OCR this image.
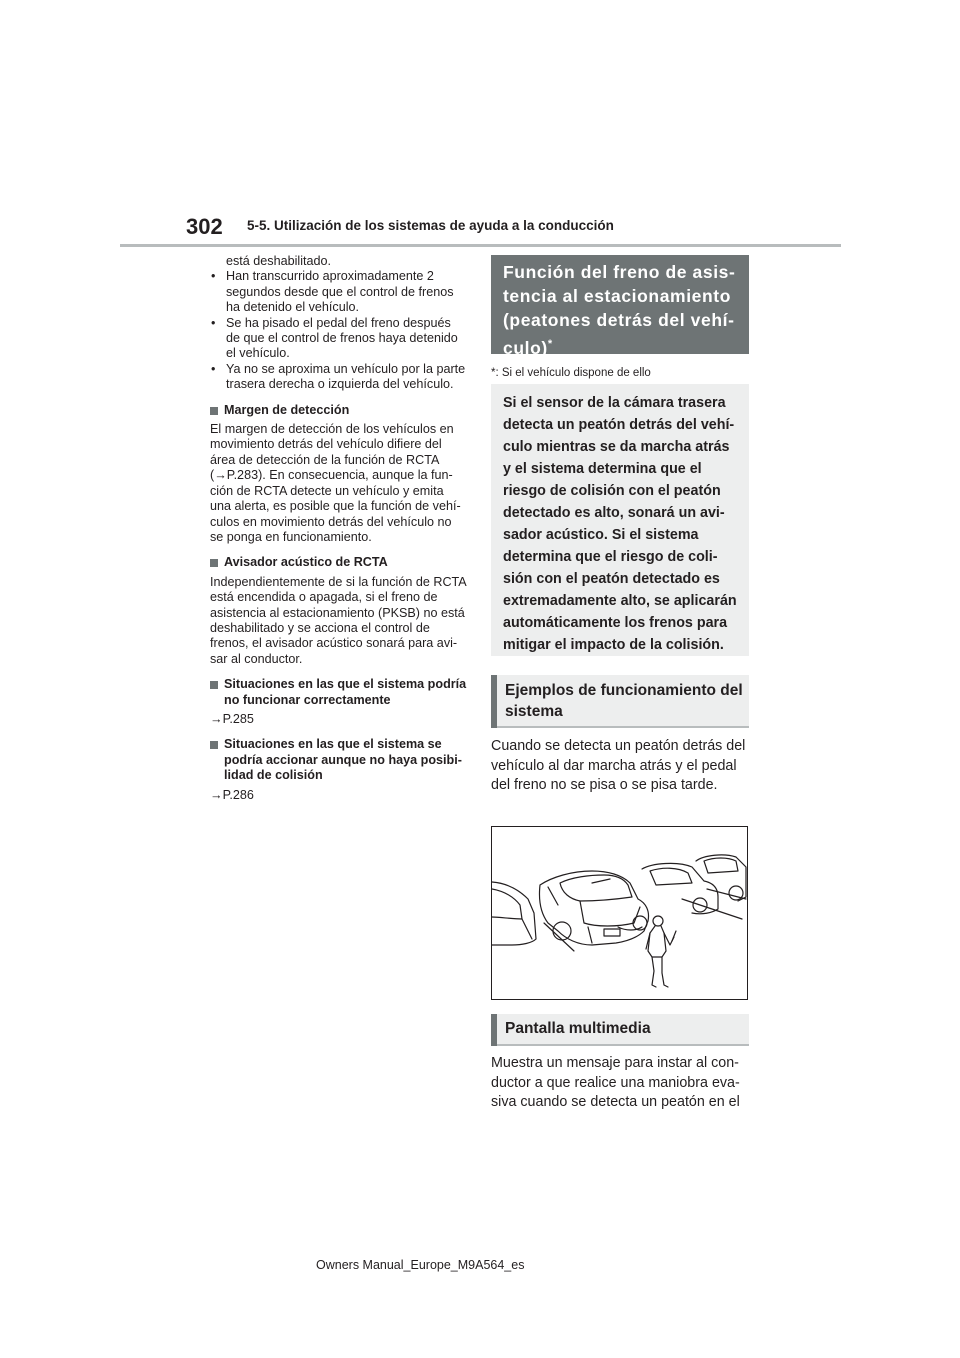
302 5-5. Utilización de los sistemas de ayuda a la conducción
está deshabilitado.
• Han transcurrido aproximadamente 2 segundos desde que el control de frenos ha detenido el vehículo.
• Se ha pisado el pedal del freno después de que el control de frenos haya detenido el vehículo.
• Ya no se aproxima un vehículo por la parte trasera derecha o izquierda del vehículo.
Margen de detección
El margen de detección de los vehículos en movimiento detrás del vehículo difiere del área de detección de la función de RCTA (→P.283). En consecuencia, aunque la fun-ción de RCTA detecte un vehículo y emita una alerta, es posible que la función de vehí-culos en movimiento detrás del vehículo no se ponga en funcionamiento.
Avisador acústico de RCTA
Independientemente de si la función de RCTA está encendida o apagada, si el freno de asistencia al estacionamiento (PKSB) no está deshabilitado y se acciona el control de frenos, el avisador acústico sonará para avi-sar al conductor.
Situaciones en las que el sistema podría no funcionar correctamente
→P.285
Situaciones en las que el sistema se podría accionar aunque no haya posibi-lidad de colisión
→P.286
Función del freno de asis-tencia al estacionamiento (peatones detrás del vehí-culo)*
*: Si el vehículo dispone de ello
Si el sensor de la cámara trasera detecta un peatón detrás del vehí-culo mientras se da marcha atrás y el sistema determina que el riesgo de colisión con el peatón detectado es alto, sonará un avi-sador acústico. Si el sistema determina que el riesgo de coli-sión con el peatón detectado es extremadamente alto, se aplicarán automáticamente los frenos para mitigar el impacto de la colisión.
Ejemplos de funcionamiento del sistema
Cuando se detecta un peatón detrás del vehículo al dar marcha atrás y el pedal del freno no se pisa o se pisa tarde.
Pantalla multimedia
Muestra un mensaje para instar al con-ductor a que realice una maniobra eva-siva cuando se detecta un peatón en el
Owners Manual_Europe_M9A564_es
